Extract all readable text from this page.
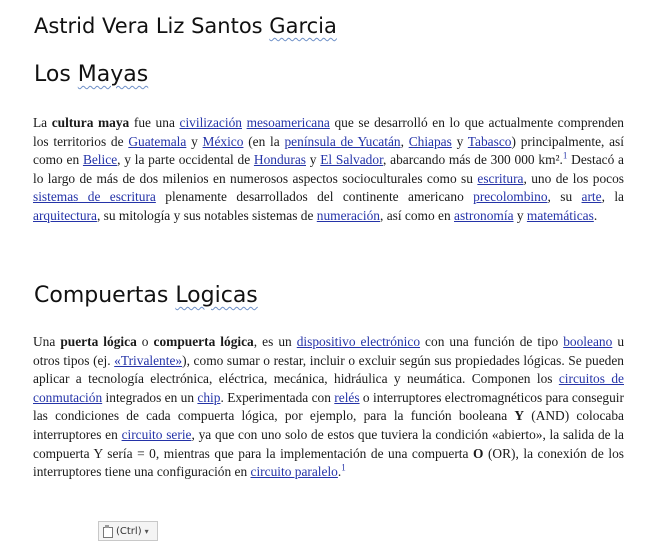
Astrid Vera Liz Santos Garcia
Los Mayas

La cultura maya fue una civilización mesoamericana que se desarrolló en lo que actualmente comprenden los territorios de Guatemala y México (en la península de Yucatán, Chiapas y Tabasco) principalmente, así como en Belice, y la parte occidental de Honduras y El Salvador, abarcando más de 300 000 km².$^1$ Destacó a lo largo de más de dos milenios en numerosos aspectos socioculturales como su escritura, uno de los pocos sistemas de escritura plenamente desarrollados del continente americano precolombino, su arte, la arquitectura, su mitología y sus notables sistemas de numeración, así como en astronomía y matemáticas.

Compuertas Logicas

Una puerta lógica o compuerta lógica, es un dispositivo electrónico con una función de tipo booleano u otros tipos (ej. «Trivalente»), como sumar o restar, incluir o excluir según sus propiedades lógicas. Se pueden aplicar a tecnología electrónica, eléctrica, mecánica, hidráulica y neumática. Componen los circuitos de conmutación integrados en un chip. Experimentada con relés o interruptores electromagnéticos para conseguir las condiciones de cada compuerta lógica, por ejemplo, para la función booleana Y (AND) colocaba interruptores en circuito serie, ya que con uno solo de estos que tuviera la condición «abierto», la salida de la compuerta Y sería = 0, mientras que para la implementación de una compuerta O (OR), la conexión de los interruptores tiene una configuración en circuito paralelo.$^1$

(Ctrl) ▾
